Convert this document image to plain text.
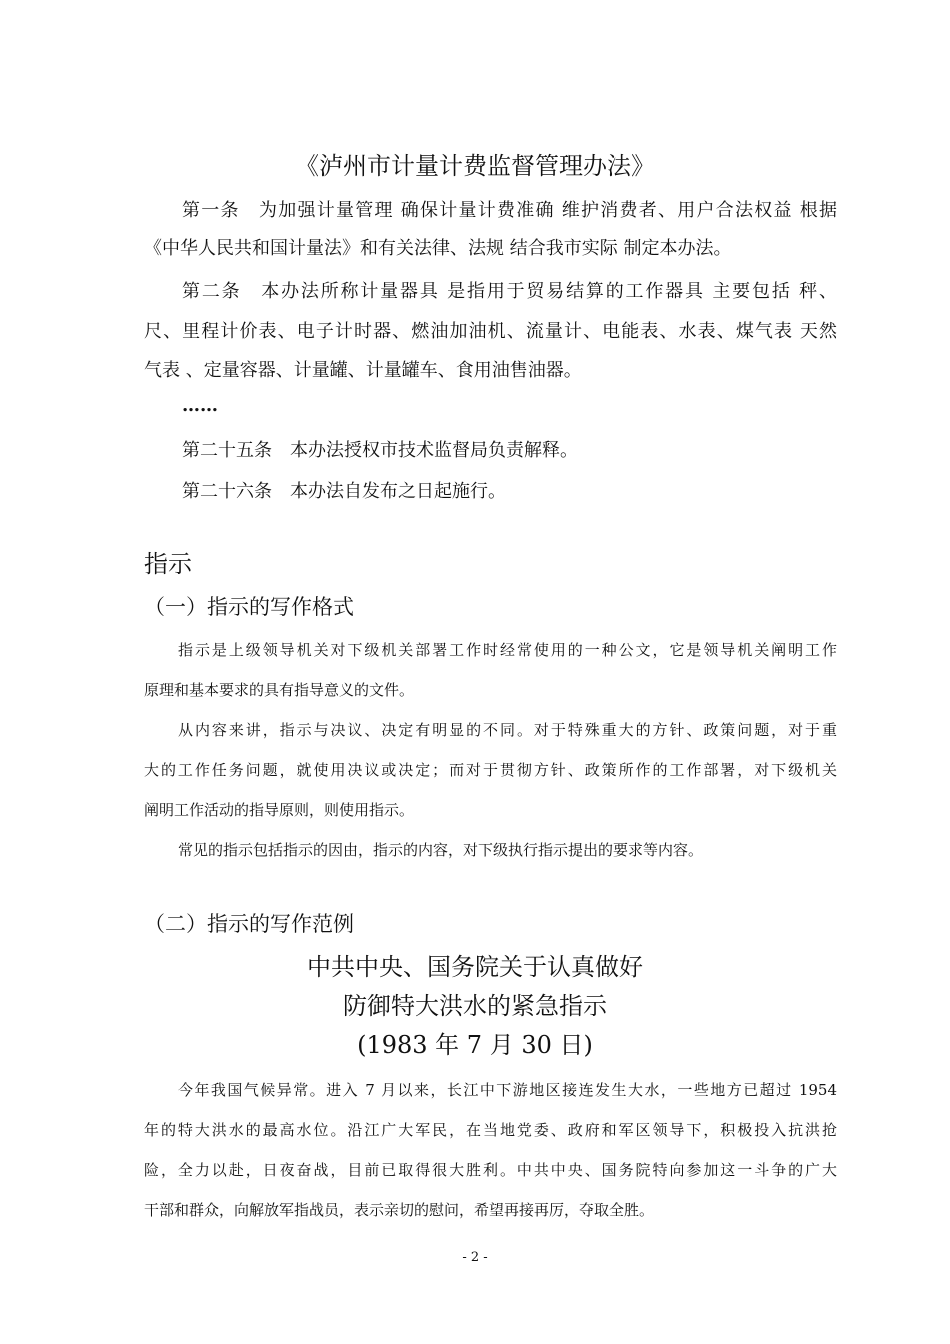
《泸州市计量计费监督管理办法》
第一条　为加强计量管理 确保计量计费准确 维护消费者、用户合法权益 根据
《中华人民共和国计量法》和有关法律、法规 结合我市实际 制定本办法。
第二条　本办法所称计量器具 是指用于贸易结算的工作器具 主要包括 秤、
尺、里程计价表、电子计时器、燃油加油机、流量计、电能表、水表、煤气表 天然
气表 、定量容器、计量罐、计量罐车、食用油售油器。
……
第二十五条　本办法授权市技术监督局负责解释。
第二十六条　本办法自发布之日起施行。
指示
（一）指示的写作格式
指示是上级领导机关对下级机关部署工作时经常使用的一种公文，它是领导机关阐明工作
原理和基本要求的具有指导意义的文件。
从内容来讲，指示与决议、决定有明显的不同。对于特殊重大的方针、政策问题，对于重
大的工作任务问题，就使用决议或决定；而对于贯彻方针、政策所作的工作部署，对下级机关
阐明工作活动的指导原则，则使用指示。
常见的指示包括指示的因由，指示的内容，对下级执行指示提出的要求等内容。
（二）指示的写作范例
中共中央、国务院关于认真做好
防御特大洪水的紧急指示
(1983 年 7 月 30 日)
今年我国气候异常。进入 7 月以来，长江中下游地区接连发生大水，一些地方已超过 1954
年的特大洪水的最高水位。沿江广大军民，在当地党委、政府和军区领导下，积极投入抗洪抢
险，全力以赴，日夜奋战，目前已取得很大胜利。中共中央、国务院特向参加这一斗争的广大
干部和群众，向解放军指战员，表示亲切的慰问，希望再接再厉，夺取全胜。
- 2 -
